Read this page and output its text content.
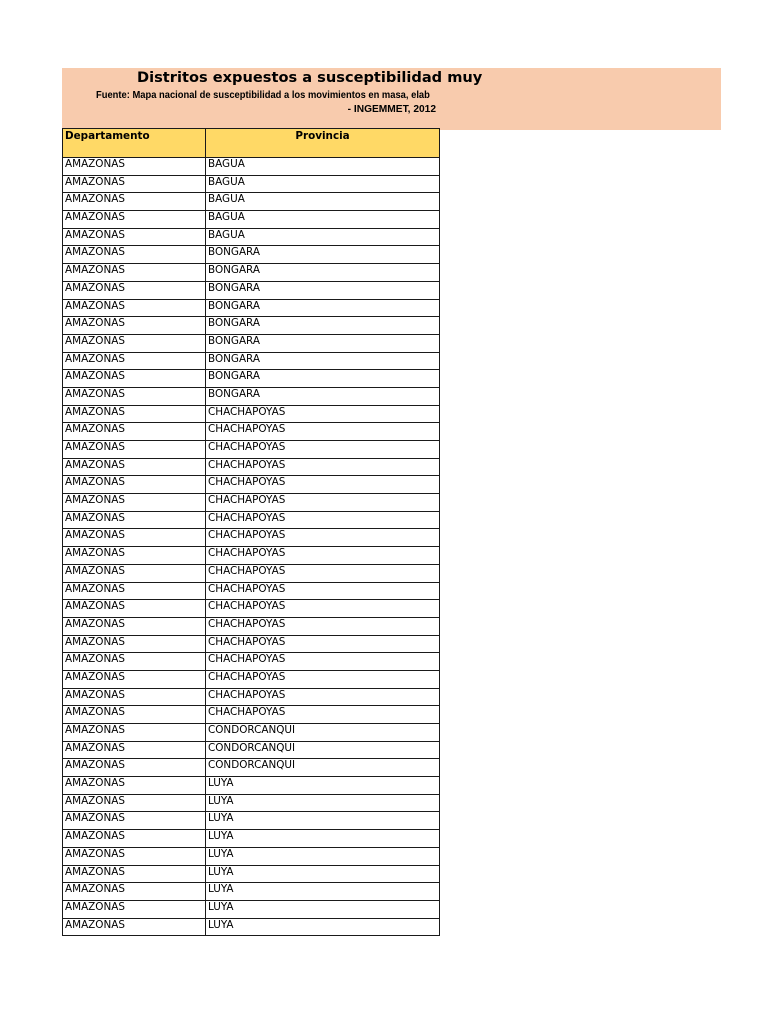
Distritos expuestos a susceptibilidad muy
Fuente: Mapa nacional de susceptibilidad a los movimientos en masa, elab
- INGEMMET, 2012
Departamento	Provincia
AMAZONAS	BAGUA
AMAZONAS	BAGUA
AMAZONAS	BAGUA
AMAZONAS	BAGUA
AMAZONAS	BAGUA
AMAZONAS	BONGARA
AMAZONAS	BONGARA
AMAZONAS	BONGARA
AMAZONAS	BONGARA
AMAZONAS	BONGARA
AMAZONAS	BONGARA
AMAZONAS	BONGARA
AMAZONAS	BONGARA
AMAZONAS	BONGARA
AMAZONAS	CHACHAPOYAS
AMAZONAS	CHACHAPOYAS
AMAZONAS	CHACHAPOYAS
AMAZONAS	CHACHAPOYAS
AMAZONAS	CHACHAPOYAS
AMAZONAS	CHACHAPOYAS
AMAZONAS	CHACHAPOYAS
AMAZONAS	CHACHAPOYAS
AMAZONAS	CHACHAPOYAS
AMAZONAS	CHACHAPOYAS
AMAZONAS	CHACHAPOYAS
AMAZONAS	CHACHAPOYAS
AMAZONAS	CHACHAPOYAS
AMAZONAS	CHACHAPOYAS
AMAZONAS	CHACHAPOYAS
AMAZONAS	CHACHAPOYAS
AMAZONAS	CHACHAPOYAS
AMAZONAS	CHACHAPOYAS
AMAZONAS	CONDORCANQUI
AMAZONAS	CONDORCANQUI
AMAZONAS	CONDORCANQUI
AMAZONAS	LUYA
AMAZONAS	LUYA
AMAZONAS	LUYA
AMAZONAS	LUYA
AMAZONAS	LUYA
AMAZONAS	LUYA
AMAZONAS	LUYA
AMAZONAS	LUYA
AMAZONAS	LUYA
